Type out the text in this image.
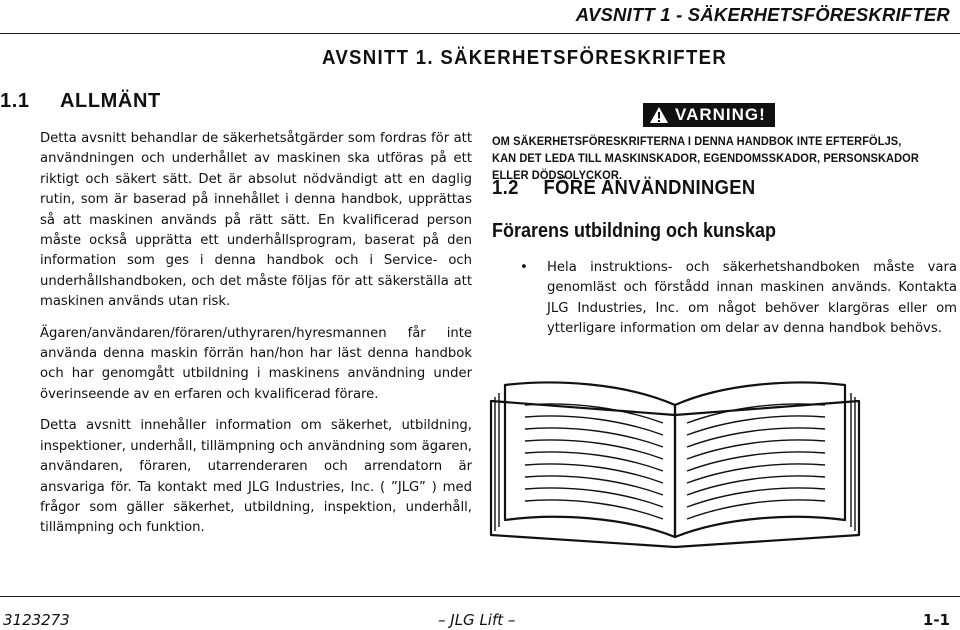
AVSNITT 1 - SÄKERHETSFÖRESKRIFTER
AVSNITT 1. SÄKERHETSFÖRESKRIFTER
1.1 ALLMÄNT

Detta avsnitt behandlar de säkerhetsåtgärder som fordras för att användningen och underhållet av maskinen ska utföras på ett riktigt och säkert sätt. Det är absolut nödvändigt att en daglig rutin, som är baserad på innehållet i denna handbok, upprättas så att maskinen används på rätt sätt. En kvalificerad person måste också upprätta ett underhållsprogram, baserat på den information som ges i denna handbok och i Service- och underhållshandboken, och det måste följas för att säkerställa att maskinen används utan risk.

Ägaren/användaren/föraren/uthyraren/hyresmannen får inte använda denna maskin förrän han/hon har läst denna handbok och har genomgått utbildning i maskinens användning under överinseende av en erfaren och kvalificerad förare.

Detta avsnitt innehåller information om säkerhet, utbildning, inspektioner, underhåll, tillämpning och användning som ägaren, användaren, föraren, utarrenderaren och arrendatorn är ansvariga för. Ta kontakt med JLG Industries, Inc. ( ”JLG” ) med frågor som gäller säkerhet, utbildning, inspektion, underhåll, tillämpning och funktion.

VARNING!
OM SÄKERHETSFÖRESKRIFTERNA I DENNA HANDBOK INTE EFTERFÖLJS, KAN DET LEDA TILL MASKINSKADOR, EGENDOMSSKADOR, PERSONSKADOR ELLER DÖDSOLYCKOR.
1.2 FÖRE ANVÄNDNINGEN
Förarens utbildning och kunskap
• Hela instruktions- och säkerhetshandboken måste vara genomläst och förstådd innan maskinen används. Kontakta JLG Industries, Inc. om något behöver klargöras eller om ytterligare information om delar av denna handbok behövs.
3123273	– JLG Lift –	1-1
